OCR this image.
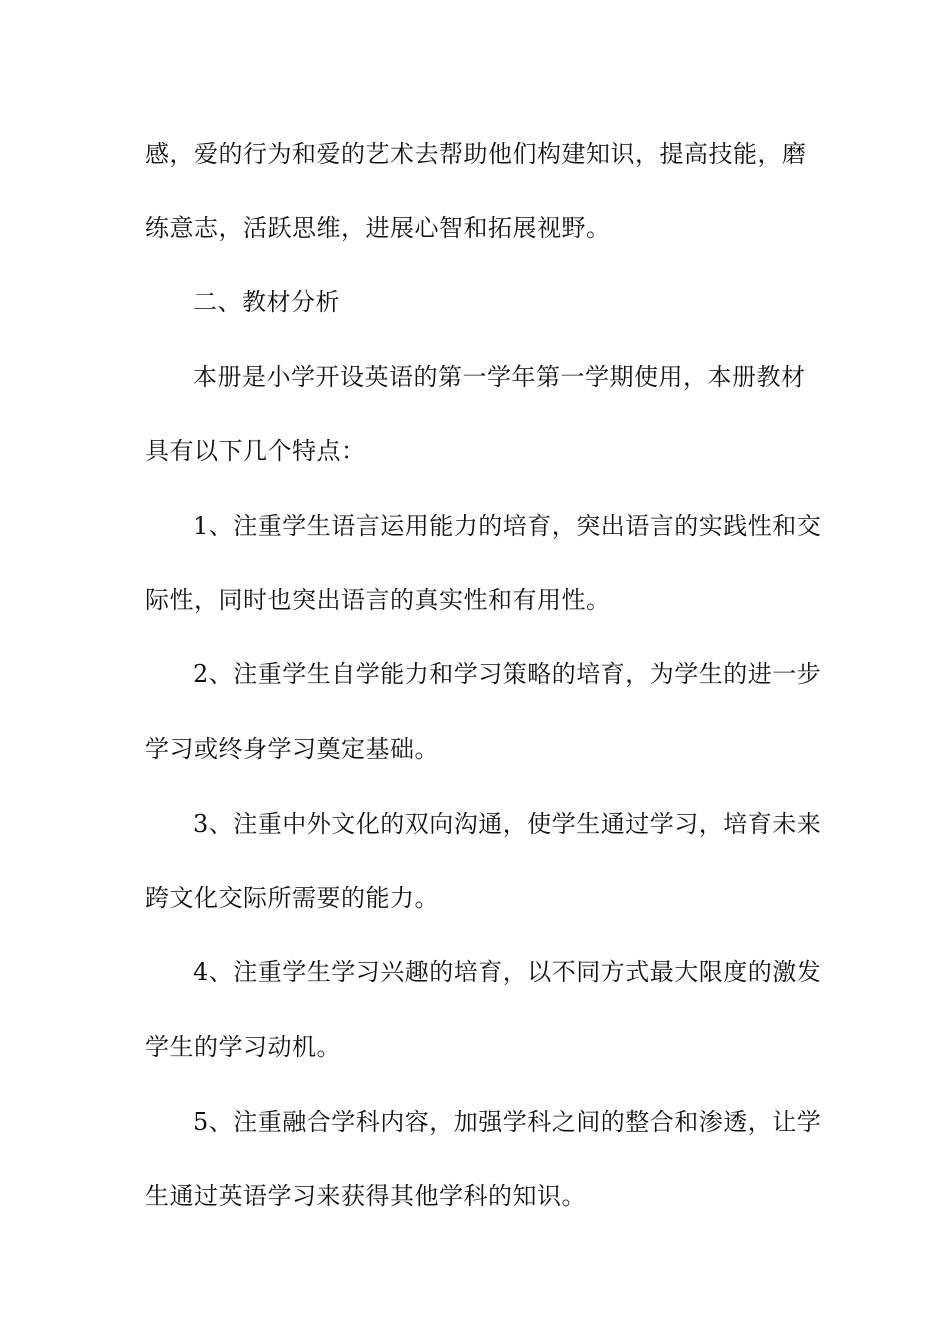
感，爱的行为和爱的艺术去帮助他们构建知识，提高技能，磨
练意志，活跃思维，进展心智和拓展视野。
二、教材分析
本册是小学开设英语的第一学年第一学期使用，本册教材
具有以下几个特点：
1、注重学生语言运用能力的培育，突出语言的实践性和交
际性，同时也突出语言的真实性和有用性。
2、注重学生自学能力和学习策略的培育，为学生的进一步
学习或终身学习奠定基础。
3、注重中外文化的双向沟通，使学生通过学习，培育未来
跨文化交际所需要的能力。
4、注重学生学习兴趣的培育，以不同方式最大限度的激发
学生的学习动机。
5、注重融合学科内容，加强学科之间的整合和渗透，让学
生通过英语学习来获得其他学科的知识。
